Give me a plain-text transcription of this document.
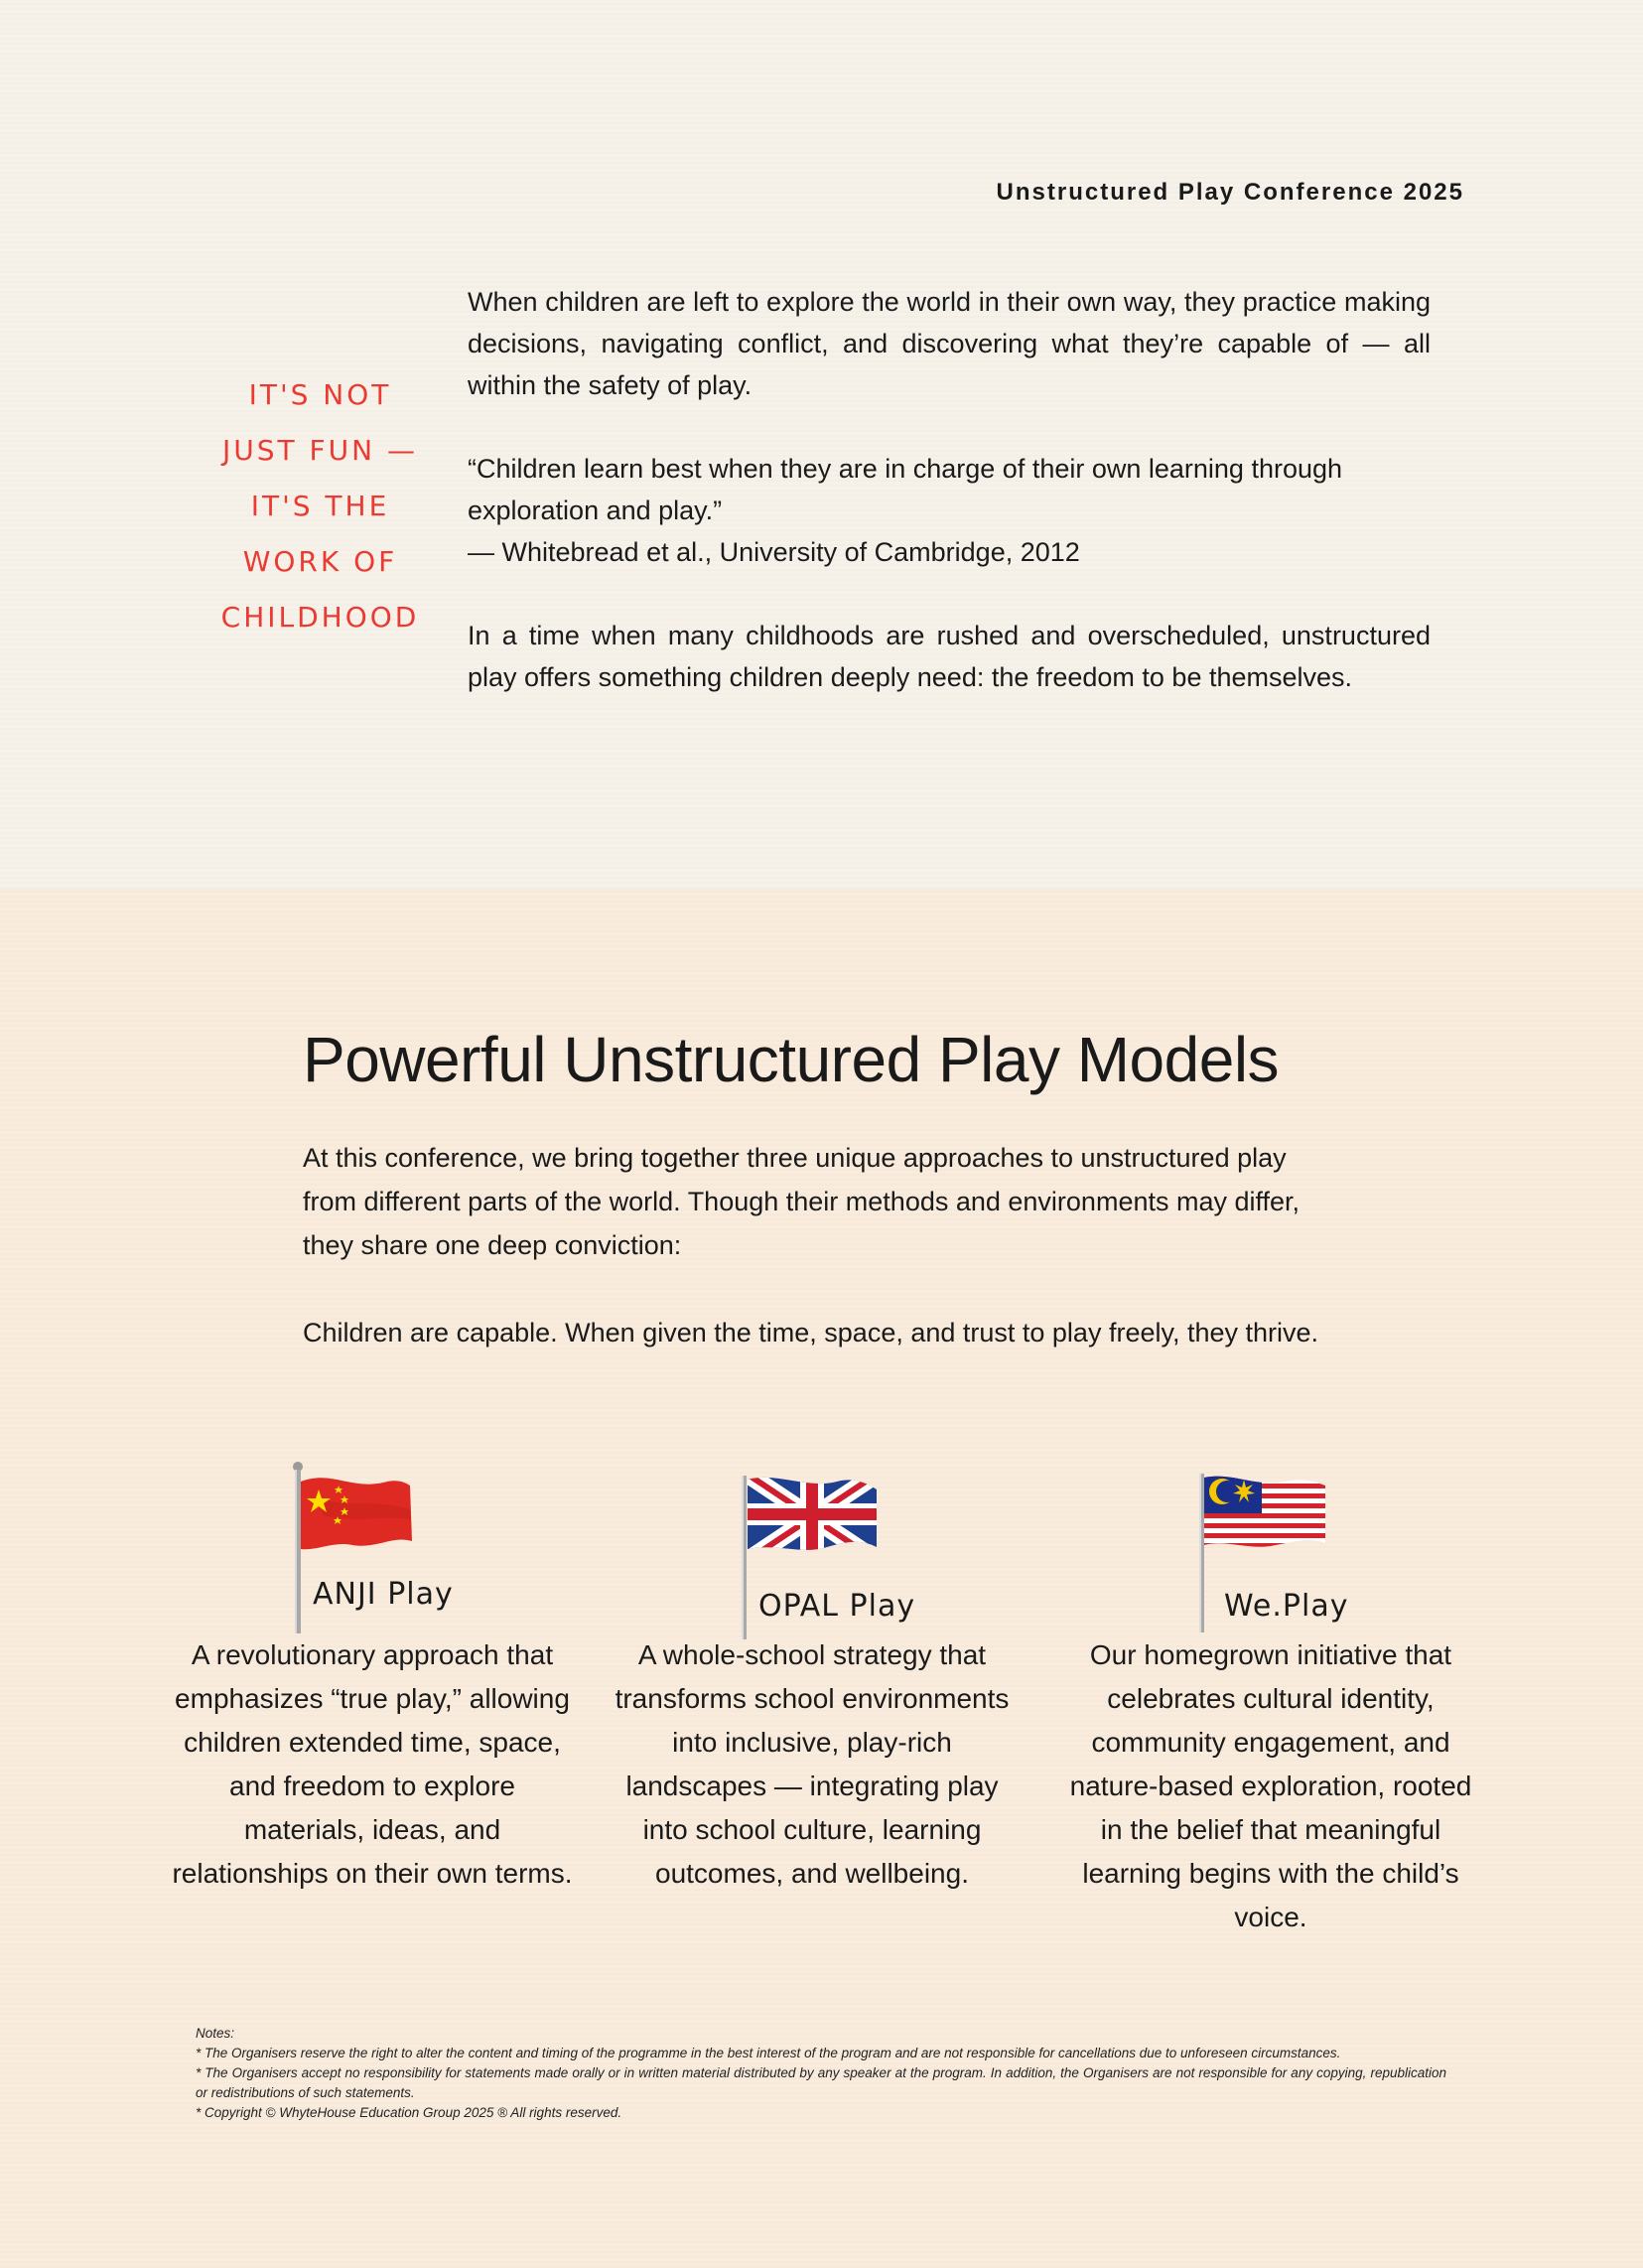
Unstructured Play Conference 2025
IT'S NOT
JUST FUN —
IT'S THE
WORK OF
CHILDHOOD

When children are left to explore the world in their own way, they practice making decisions, navigating conflict, and discovering what they’re capable of — all within the safety of play.

“Children learn best when they are in charge of their own learning through exploration and play.”
— Whitebread et al., University of Cambridge, 2012

In a time when many childhoods are rushed and overscheduled, unstructured play offers something children deeply need: the freedom to be themselves.

Powerful Unstructured Play Models

At this conference, we bring together three unique approaches to unstructured play from different parts of the world. Though their methods and environments may differ, they share one deep conviction:

Children are capable. When given the time, space, and trust to play freely, they thrive.

ANJI Play
A revolutionary approach that emphasizes “true play,” allowing children extended time, space, and freedom to explore materials, ideas, and relationships on their own terms.
OPAL Play
A whole-school strategy that transforms school environments into inclusive, play-rich landscapes — integrating play into school culture, learning outcomes, and wellbeing.
We.Play
Our homegrown initiative that celebrates cultural identity, community engagement, and nature-based exploration, rooted in the belief that meaningful learning begins with the child’s voice.
Notes:
* The Organisers reserve the right to alter the content and timing of the programme in the best interest of the program and are not responsible for cancellations due to unforeseen circumstances.
* The Organisers accept no responsibility for statements made orally or in written material distributed by any speaker at the program. In addition, the Organisers are not responsible for any copying, republication or redistributions of such statements.
* Copyright © WhyteHouse Education Group 2025 ® All rights reserved.
